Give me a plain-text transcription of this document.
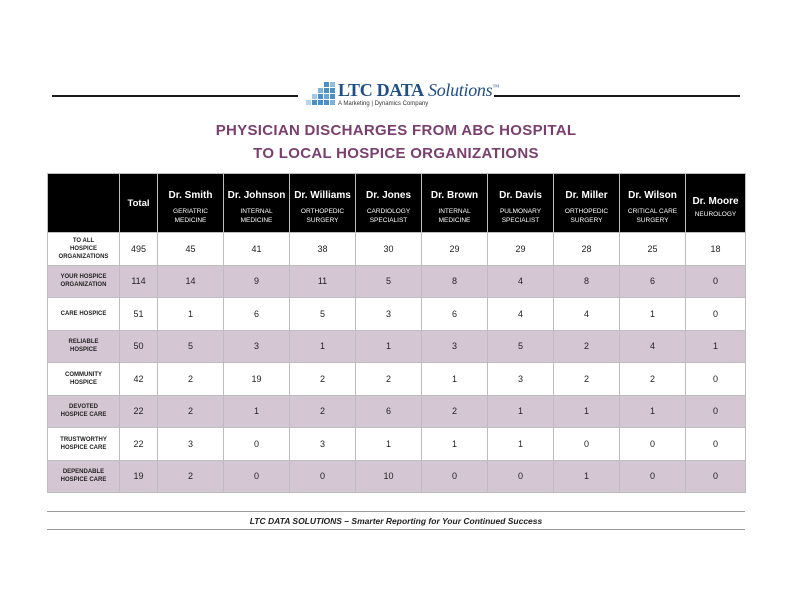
LTC DATA Solutions™
A Marketing | Dynamics Company
PHYSICIAN DISCHARGES FROM ABC HOSPITAL
TO LOCAL HOSPICE ORGANIZATIONS
	Total	Dr. Smith
GERIATRIC
MEDICINE	Dr. Johnson
INTERNAL
MEDICINE	Dr. Williams
ORTHOPEDIC
SURGERY	Dr. Jones
CARDIOLOGY
SPECIALIST	Dr. Brown
INTERNAL
MEDICINE	Dr. Davis
PULMONARY
SPECIALIST	Dr. Miller
ORTHOPEDIC
SURGERY	Dr. Wilson
CRITICAL CARE
SURGERY	Dr. Moore
NEUROLOGY

TO ALL
HOSPICE
ORGANIZATIONS	495	45	41	38	30	29	29	28	25	18
YOUR HOSPICE
ORGANIZATION	114	14	9	11	5	8	4	8	6	0
CARE HOSPICE	51	1	6	5	3	6	4	4	1	0
RELIABLE
HOSPICE	50	5	3	1	1	3	5	2	4	1
COMMUNITY
HOSPICE	42	2	19	2	2	1	3	2	2	0
DEVOTED
HOSPICE CARE	22	2	1	2	6	2	1	1	1	0
TRUSTWORTHY
HOSPICE CARE	22	3	0	3	1	1	1	0	0	0
DEPENDABLE
HOSPICE CARE	19	2	0	0	10	0	0	1	0	0
LTC DATA SOLUTIONS – Smarter Reporting for Your Continued Success
